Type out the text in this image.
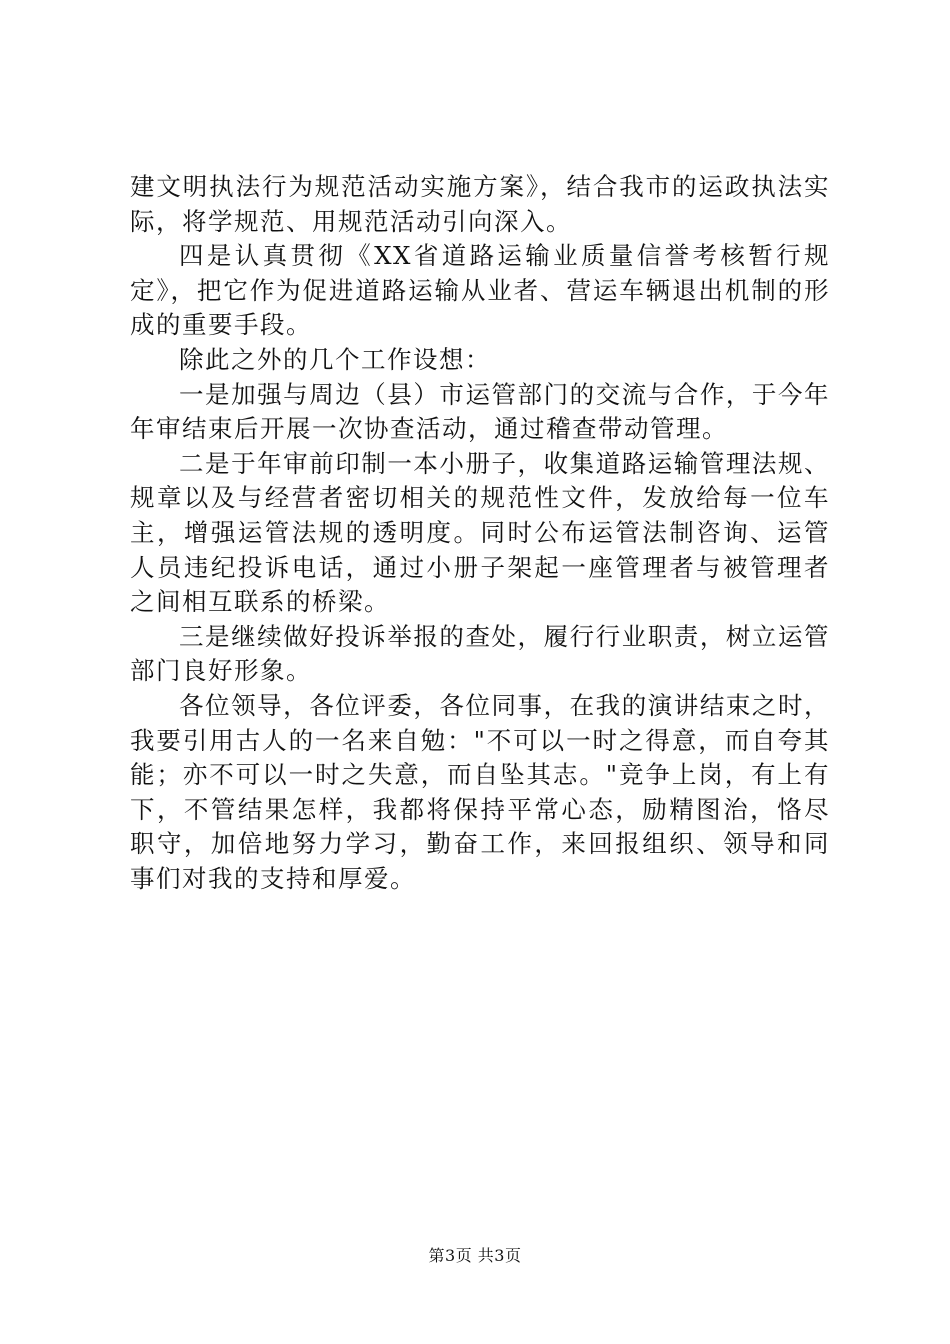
建文明执法行为规范活动实施方案》，结合我市的运政执法实际，将学规范、用规范活动引向深入。

四是认真贯彻《XX省道路运输业质量信誉考核暂行规定》，把它作为促进道路运输从业者、营运车辆退出机制的形成的重要手段。

除此之外的几个工作设想：

一是加强与周边（县）市运管部门的交流与合作，于今年年审结束后开展一次协查活动，通过稽查带动管理。

二是于年审前印制一本小册子，收集道路运输管理法规、规章以及与经营者密切相关的规范性文件，发放给每一位车主，增强运管法规的透明度。同时公布运管法制咨询、运管人员违纪投诉电话，通过小册子架起一座管理者与被管理者之间相互联系的桥梁。

三是继续做好投诉举报的查处，履行行业职责，树立运管部门良好形象。

各位领导，各位评委，各位同事，在我的演讲结束之时，我要引用古人的一名来自勉："不可以一时之得意，而自夸其能；亦不可以一时之失意，而自坠其志。"竞争上岗，有上有下，不管结果怎样，我都将保持平常心态，励精图治，恪尽职守，加倍地努力学习，勤奋工作，来回报组织、领导和同事们对我的支持和厚爱。

第3页 共3页
